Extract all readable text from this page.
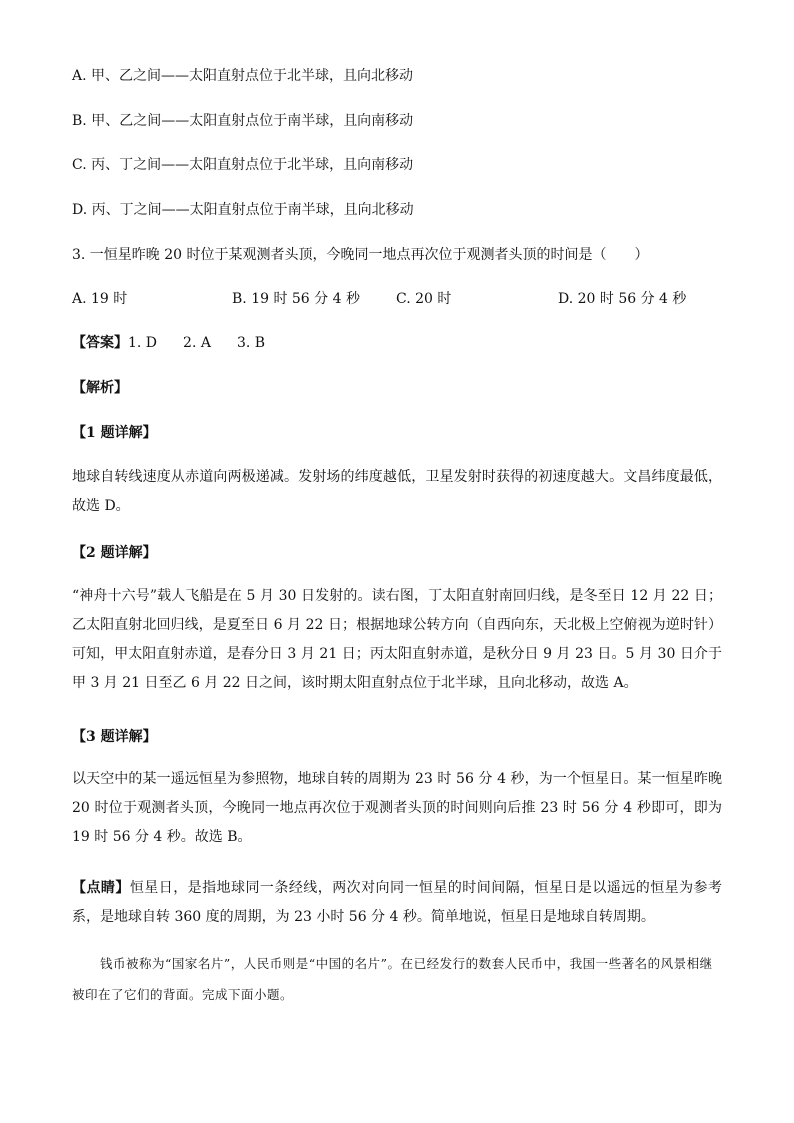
A. 甲、乙之间——太阳直射点位于北半球，且向北移动
B. 甲、乙之间——太阳直射点位于南半球，且向南移动
C. 丙、丁之间——太阳直射点位于北半球，且向南移动
D. 丙、丁之间——太阳直射点位于南半球，且向北移动
3. 一恒星昨晚 20 时位于某观测者头顶，今晚同一地点再次位于观测者头顶的时间是（　　）
A. 19 时	B. 19 时 56 分 4 秒	C. 20 时	D. 20 时 56 分 4 秒
【答案】1. D 2. A 3. B
【解析】
【1 题详解】
地球自转线速度从赤道向两极递减。发射场的纬度越低，卫星发射时获得的初速度越大。文昌纬度最低，故选 D。
【2 题详解】
“神舟十六号”载人飞船是在 5 月 30 日发射的。读右图，丁太阳直射南回归线，是冬至日 12 月 22 日；乙太阳直射北回归线，是夏至日 6 月 22 日；根据地球公转方向（自西向东，天北极上空俯视为逆时针）可知，甲太阳直射赤道，是春分日 3 月 21 日；丙太阳直射赤道，是秋分日 9 月 23 日。5 月 30 日介于甲 3 月 21 日至乙 6 月 22 日之间，该时期太阳直射点位于北半球，且向北移动，故选 A。
【3 题详解】
以天空中的某一遥远恒星为参照物，地球自转的周期为 23 时 56 分 4 秒，为一个恒星日。某一恒星昨晚 20 时位于观测者头顶，今晚同一地点再次位于观测者头顶的时间则向后推 23 时 56 分 4 秒即可，即为 19 时 56 分 4 秒。故选 B。
【点睛】恒星日，是指地球同一条经线，两次对向同一恒星的时间间隔，恒星日是以遥远的恒星为参考系，是地球自转 360 度的周期，为 23 小时 56 分 4 秒。简单地说，恒星日是地球自转周期。
钱币被称为“国家名片”，人民币则是“中国的名片”。在已经发行的数套人民币中，我国一些著名的风景相继被印在了它们的背面。完成下面小题。
